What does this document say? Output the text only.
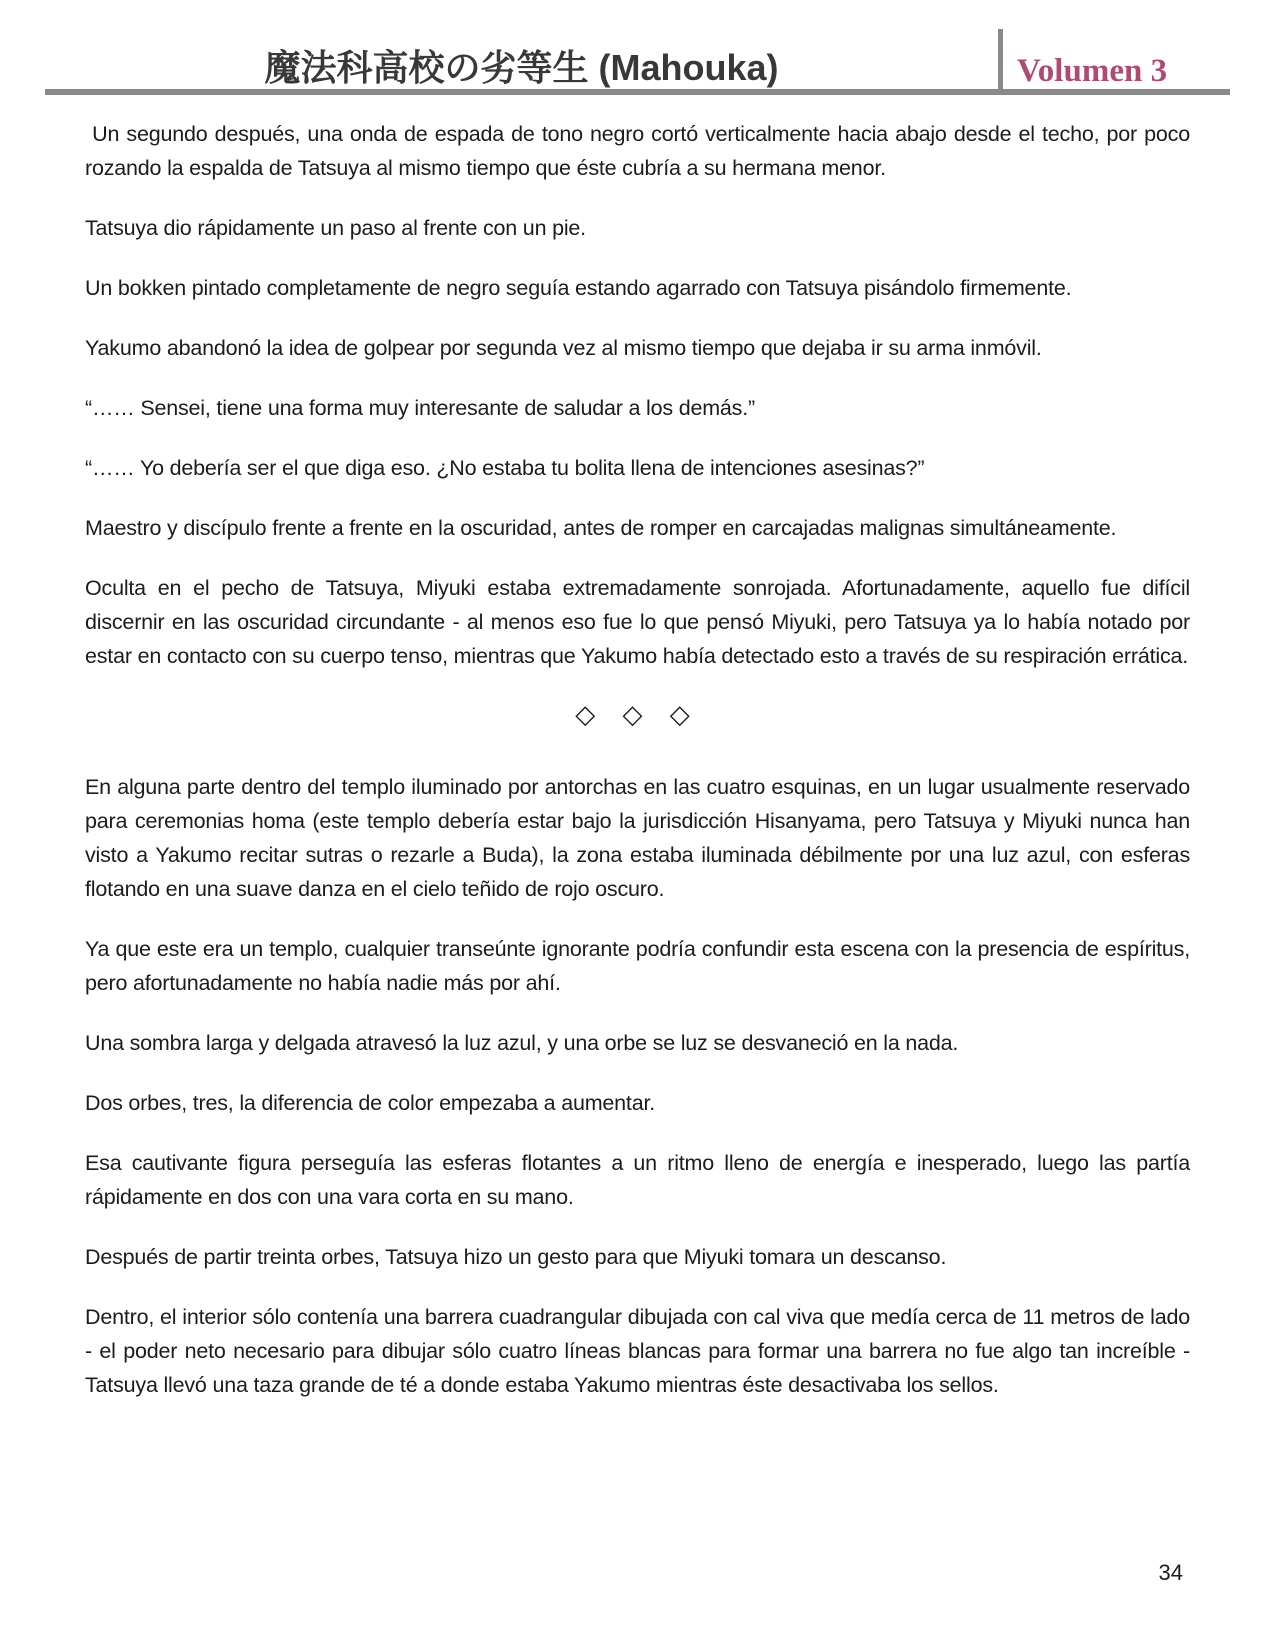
魔法科高校の劣等生 (Mahouka)	Volumen 3

Un segundo después, una onda de espada de tono negro cortó verticalmente hacia abajo desde el techo, por poco rozando la espalda de Tatsuya al mismo tiempo que éste cubría a su hermana menor.

Tatsuya dio rápidamente un paso al frente con un pie.

Un bokken pintado completamente de negro seguía estando agarrado con Tatsuya pisándolo firmemente.

Yakumo abandonó la idea de golpear por segunda vez al mismo tiempo que dejaba ir su arma inmóvil.

“…… Sensei, tiene una forma muy interesante de saludar a los demás.”

“…… Yo debería ser el que diga eso. ¿No estaba tu bolita llena de intenciones asesinas?”

Maestro y discípulo frente a frente en la oscuridad, antes de romper en carcajadas malignas simultáneamente.

Oculta en el pecho de Tatsuya, Miyuki estaba extremadamente sonrojada. Afortunadamente, aquello fue difícil discernir en las oscuridad circundante - al menos eso fue lo que pensó Miyuki, pero Tatsuya ya lo había notado por estar en contacto con su cuerpo tenso, mientras que Yakumo había detectado esto a través de su respiración errática.

◇ ◇ ◇

En alguna parte dentro del templo iluminado por antorchas en las cuatro esquinas, en un lugar usualmente reservado para ceremonias homa (este templo debería estar bajo la jurisdicción Hisanyama, pero Tatsuya y Miyuki nunca han visto a Yakumo recitar sutras o rezarle a Buda), la zona estaba iluminada débilmente por una luz azul, con esferas flotando en una suave danza en el cielo teñido de rojo oscuro.

Ya que este era un templo, cualquier transeúnte ignorante podría confundir esta escena con la presencia de espíritus, pero afortunadamente no había nadie más por ahí.

Una sombra larga y delgada atravesó la luz azul, y una orbe se luz se desvaneció en la nada.

Dos orbes, tres, la diferencia de color empezaba a aumentar.

Esa cautivante figura perseguía las esferas flotantes a un ritmo lleno de energía e inesperado, luego las partía rápidamente en dos con una vara corta en su mano.

Después de partir treinta orbes, Tatsuya hizo un gesto para que Miyuki tomara un descanso.

Dentro, el interior sólo contenía una barrera cuadrangular dibujada con cal viva que medía cerca de 11 metros de lado - el poder neto necesario para dibujar sólo cuatro líneas blancas para formar una barrera no fue algo tan increíble - Tatsuya llevó una taza grande de té a donde estaba Yakumo mientras éste desactivaba los sellos.

34
